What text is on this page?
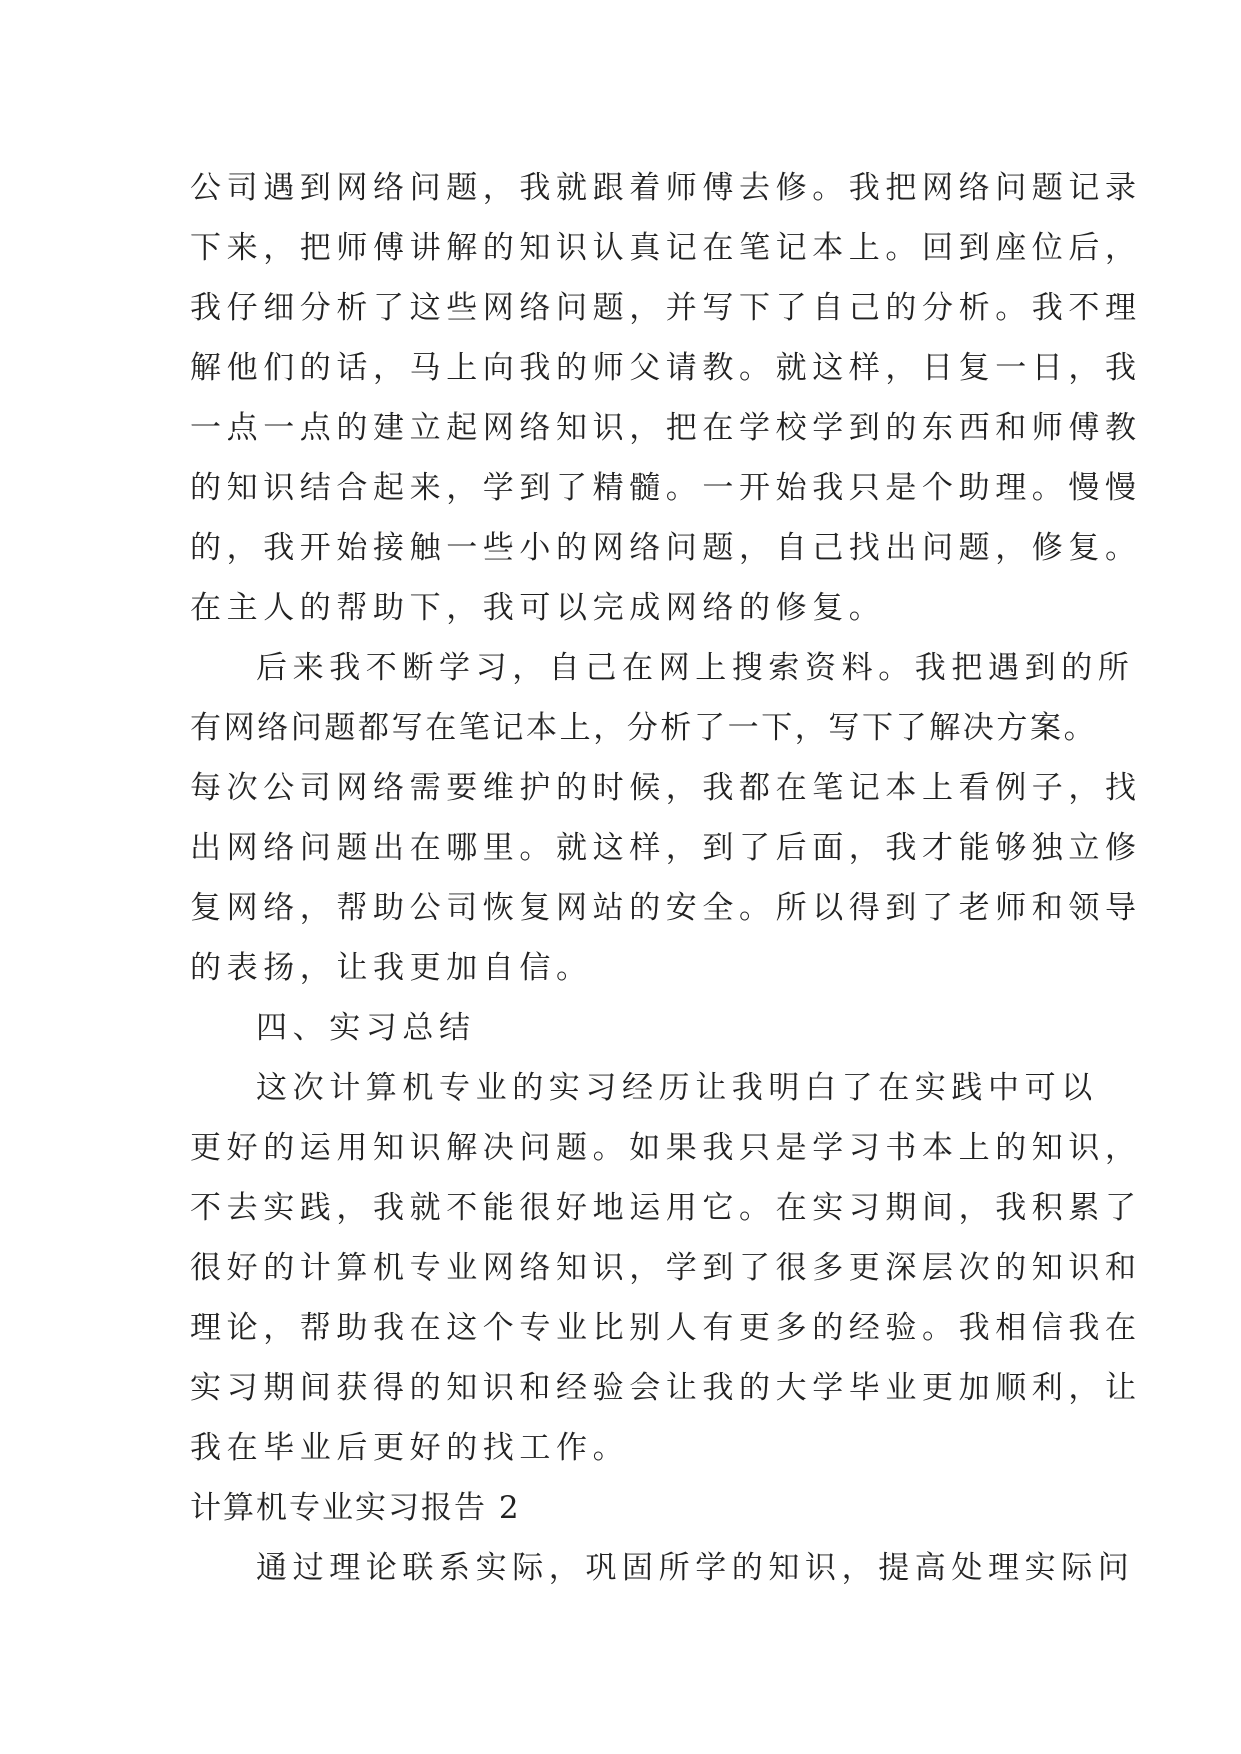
公司遇到网络问题，我就跟着师傅去修。我把网络问题记录
下来，把师傅讲解的知识认真记在笔记本上。回到座位后，
我仔细分析了这些网络问题，并写下了自己的分析。我不理
解他们的话，马上向我的师父请教。就这样，日复一日，我
一点一点的建立起网络知识，把在学校学到的东西和师傅教
的知识结合起来，学到了精髓。一开始我只是个助理。慢慢
的，我开始接触一些小的网络问题，自己找出问题，修复。
在主人的帮助下，我可以完成网络的修复。
后来我不断学习，自己在网上搜索资料。我把遇到的所
有网络问题都写在笔记本上，分析了一下，写下了解决方案。
每次公司网络需要维护的时候，我都在笔记本上看例子，找
出网络问题出在哪里。就这样，到了后面，我才能够独立修
复网络，帮助公司恢复网站的安全。所以得到了老师和领导
的表扬，让我更加自信。
四、实习总结
这次计算机专业的实习经历让我明白了在实践中可以
更好的运用知识解决问题。如果我只是学习书本上的知识，
不去实践，我就不能很好地运用它。在实习期间，我积累了
很好的计算机专业网络知识，学到了很多更深层次的知识和
理论，帮助我在这个专业比别人有更多的经验。我相信我在
实习期间获得的知识和经验会让我的大学毕业更加顺利，让
我在毕业后更好的找工作。
计算机专业实习报告 2
通过理论联系实际，巩固所学的知识，提高处理实际问
